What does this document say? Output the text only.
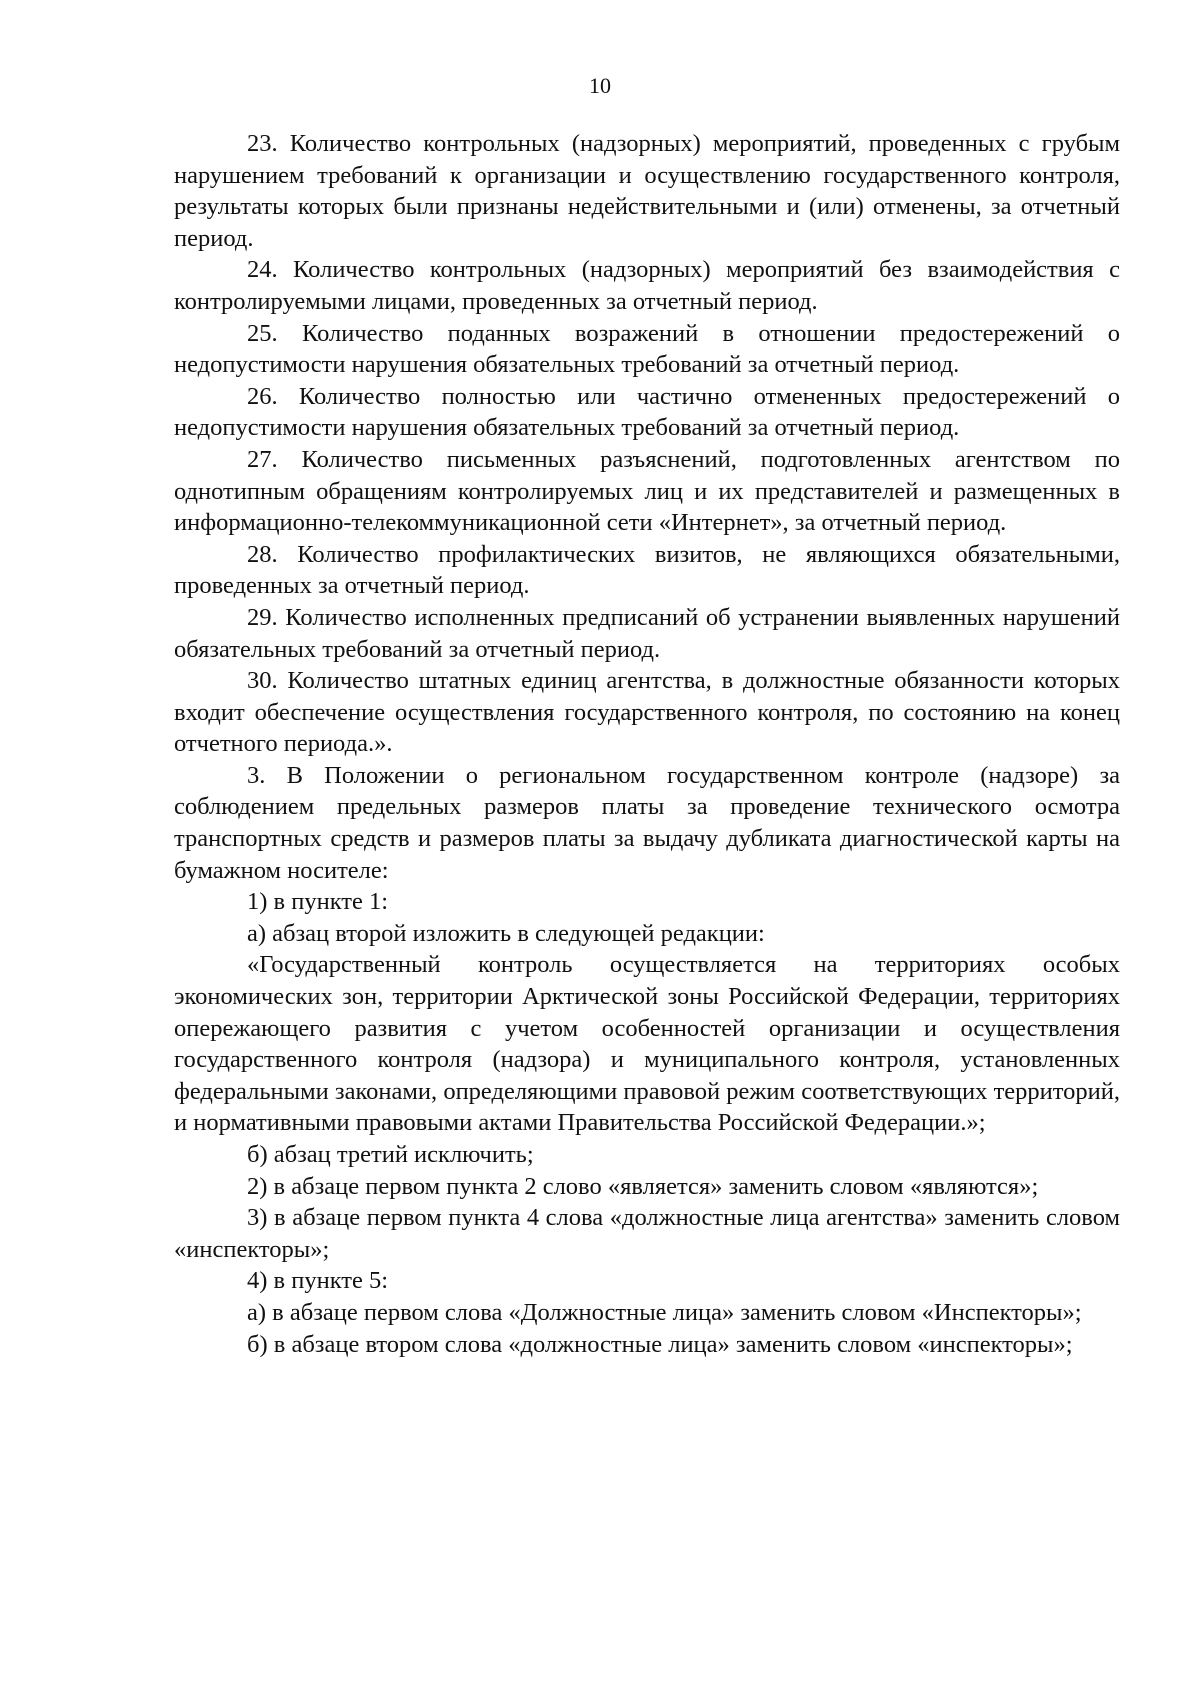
10

23. Количество контрольных (надзорных) мероприятий, проведенных с грубым нарушением требований к организации и осуществлению государственного контроля, результаты которых были признаны недействительными и (или) отменены, за отчетный период.

24. Количество контрольных (надзорных) мероприятий без взаимодействия с контролируемыми лицами, проведенных за отчетный период.

25. Количество поданных возражений в отношении предостережений о недопустимости нарушения обязательных требований за отчетный период.

26. Количество полностью или частично отмененных предостережений о недопустимости нарушения обязательных требований за отчетный период.

27. Количество письменных разъяснений, подготовленных агентством по однотипным обращениям контролируемых лиц и их представителей и размещенных в информационно-телекоммуникационной сети «Интернет», за отчетный период.

28. Количество профилактических визитов, не являющихся обязательными, проведенных за отчетный период.

29. Количество исполненных предписаний об устранении выявленных нарушений обязательных требований за отчетный период.

30. Количество штатных единиц агентства, в должностные обязанности которых входит обеспечение осуществления государственного контроля, по состоянию на конец отчетного периода.».

3. В Положении о региональном государственном контроле (надзоре) за соблюдением предельных размеров платы за проведение технического осмотра транспортных средств и размеров платы за выдачу дубликата диагностической карты на бумажном носителе:

1) в пункте 1:

а) абзац второй изложить в следующей редакции:

«Государственный контроль осуществляется на территориях особых экономических зон, территории Арктической зоны Российской Федерации, территориях опережающего развития с учетом особенностей организации и осуществления государственного контроля (надзора) и муниципального контроля, установленных федеральными законами, определяющими правовой режим соответствующих территорий, и нормативными правовыми актами Правительства Российской Федерации.»;

б) абзац третий исключить;

2) в абзаце первом пункта 2 слово «является» заменить словом «являются»;

3) в абзаце первом пункта 4 слова «должностные лица агентства» заменить словом «инспекторы»;

4) в пункте 5:

а) в абзаце первом слова «Должностные лица» заменить словом «Инспекторы»;

б) в абзаце втором слова «должностные лица» заменить словом «инспекторы»;
